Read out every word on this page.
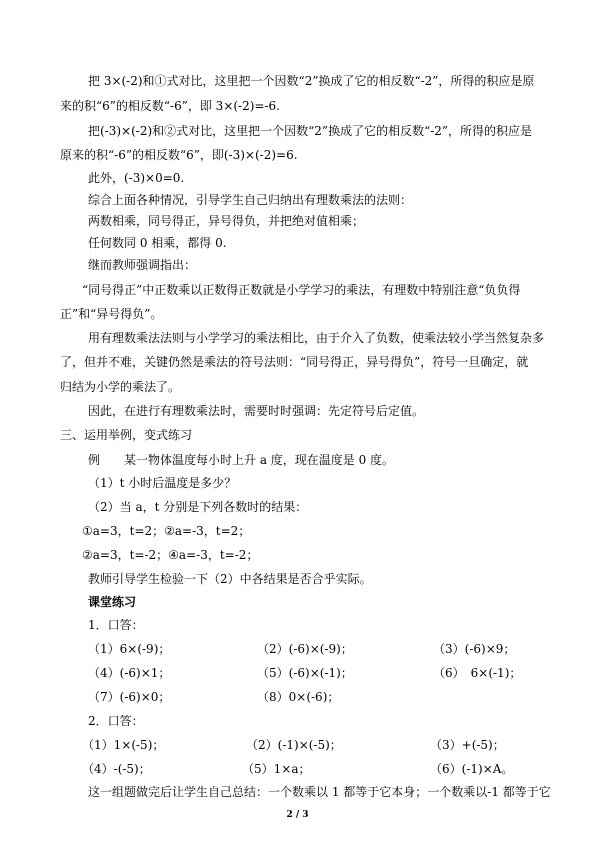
把 3×(-2)和①式对比，这里把一个因数“2”换成了它的相反数“-2”，所得的积应是原
来的积“6”的相反数“-6”，即 3×(-2)=-6.
把(-3)×(-2)和②式对比，这里把一个因数“2”换成了它的相反数“-2”，所得的积应是
原来的积“-6”的相反数“6”，即(-3)×(-2)=6.
此外，(-3)×0=0.
综合上面各种情况，引导学生自己归纳出有理数乘法的法则：
两数相乘，同号得正，异号得负，并把绝对值相乘；
任何数同 0 相乘，都得 0.
继而教师强调指出：
“同号得正”中正数乘以正数得正数就是小学学习的乘法，有理数中特别注意“负负得
正”和“异号得负”。
用有理数乘法法则与小学学习的乘法相比，由于介入了负数，使乘法较小学当然复杂多
了，但并不难，关键仍然是乘法的符号法则：“同号得正，异号得负”，符号一旦确定，就
归结为小学的乘法了。
因此，在进行有理数乘法时，需要时时强调：先定符号后定值。
三、运用举例，变式练习
例　　某一物体温度每小时上升 a 度，现在温度是 0 度。
（1）t 小时后温度是多少？
（2）当 a，t 分别是下列各数时的结果：
①a=3，t=2；②a=-3，t=2；
②a=3，t=-2；④a=-3，t=-2；
教师引导学生检验一下（2）中各结果是否合乎实际。
课堂练习
1．口答：
（1）6×(-9)；	（2）(-6)×(-9)；	（3）(-6)×9；
（4）(-6)×1；	（5）(-6)×(-1)；	（6）　6×(-1)；
（7）(-6)×0；	（8）0×(-6)；
2．口答：
（1）1×(-5)；	（2）(-1)×(-5)；	（3）+(-5)；
（4）-(-5)；	（5）1×a；	（6）(-1)×A。
这一组题做完后让学生自己总结：一个数乘以 1 都等于它本身；一个数乘以-1 都等于它
2 / 3
